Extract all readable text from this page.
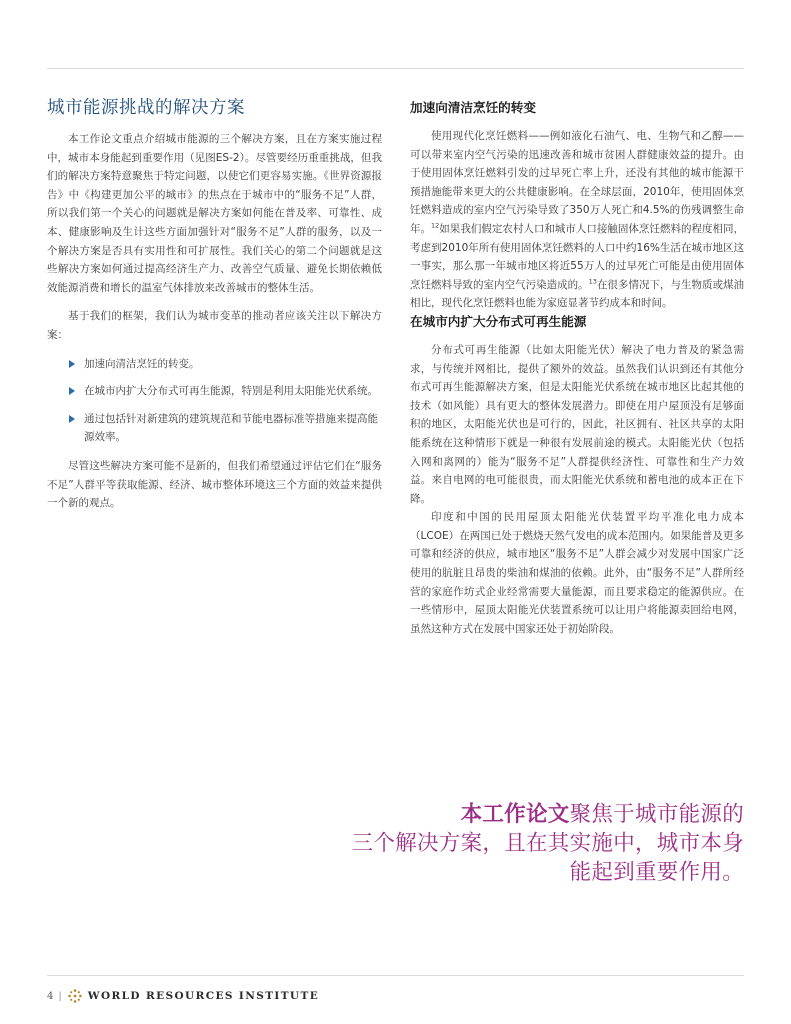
城市能源挑战的解决方案

本工作论文重点介绍城市能源的三个解决方案，且在方案实施过程中，城市本身能起到重要作用（见图ES-2）。尽管要经历重重挑战，但我们的解决方案特意聚焦于特定问题，以使它们更容易实施。《世界资源报告》中《构建更加公平的城市》的焦点在于城市中的“服务不足”人群，所以我们第一个关心的问题就是解决方案如何能在普及率、可靠性、成本、健康影响及生计这些方面加强针对“服务不足”人群的服务，以及一个解决方案是否具有实用性和可扩展性。我们关心的第二个问题就是这些解决方案如何通过提高经济生产力、改善空气质量、避免长期依赖低效能源消费和增长的温室气体排放来改善城市的整体生活。

基于我们的框架，我们认为城市变革的推动者应该关注以下解决方案：

加速向清洁烹饪的转变。
在城市内扩大分布式可再生能源，特别是利用太阳能光伏系统。
通过包括针对新建筑的建筑规范和节能电器标准等措施来提高能源效率。

尽管这些解决方案可能不是新的，但我们希望通过评估它们在“服务不足”人群平等获取能源、经济、城市整体环境这三个方面的效益来提供一个新的观点。

加速向清洁烹饪的转变

使用现代化烹饪燃料——例如液化石油气、电、生物气和乙醇——可以带来室内空气污染的迅速改善和城市贫困人群健康效益的提升。由于使用固体烹饪燃料引发的过早死亡率上升，还没有其他的城市能源干预措施能带来更大的公共健康影响。在全球层面，2010年，使用固体烹饪燃料造成的室内空气污染导致了350万人死亡和4.5%的伤残调整生命年。$^{12}$如果我们假定农村人口和城市人口接触固体烹饪燃料的程度相同，考虑到2010年所有使用固体烹饪燃料的人口中约16%生活在城市地区这一事实，那么那一年城市地区将近55万人的过早死亡可能是由使用固体烹饪燃料导致的室内空气污染造成的。$^{13}$在很多情况下，与生物质或煤油相比，现代化烹饪燃料也能为家庭显著节约成本和时间。

在城市内扩大分布式可再生能源

分布式可再生能源（比如太阳能光伏）解决了电力普及的紧急需求，与传统并网相比，提供了额外的效益。虽然我们认识到还有其他分布式可再生能源解决方案，但是太阳能光伏系统在城市地区比起其他的技术（如风能）具有更大的整体发展潜力。即使在用户屋顶没有足够面积的地区，太阳能光伏也是可行的，因此，社区拥有、社区共享的太阳能系统在这种情形下就是一种很有发展前途的模式。太阳能光伏（包括入网和离网的）能为“服务不足”人群提供经济性、可靠性和生产力效益。来自电网的电可能很贵，而太阳能光伏系统和蓄电池的成本正在下降。

印度和中国的民用屋顶太阳能光伏装置平均平准化电力成本（LCOE）在两国已处于燃烧天然气发电的成本范围内。如果能普及更多可靠和经济的供应，城市地区“服务不足”人群会减少对发展中国家广泛使用的肮脏且昂贵的柴油和煤油的依赖。此外，由“服务不足”人群所经营的家庭作坊式企业经常需要大量能源，而且要求稳定的能源供应。在一些情形中，屋顶太阳能光伏装置系统可以让用户将能源卖回给电网，虽然这种方式在发展中国家还处于初始阶段。

本工作论文聚焦于城市能源的
三个解决方案，且在其实施中，城市本身
能起到重要作用。
4 | WORLD RESOURCES INSTITUTE
